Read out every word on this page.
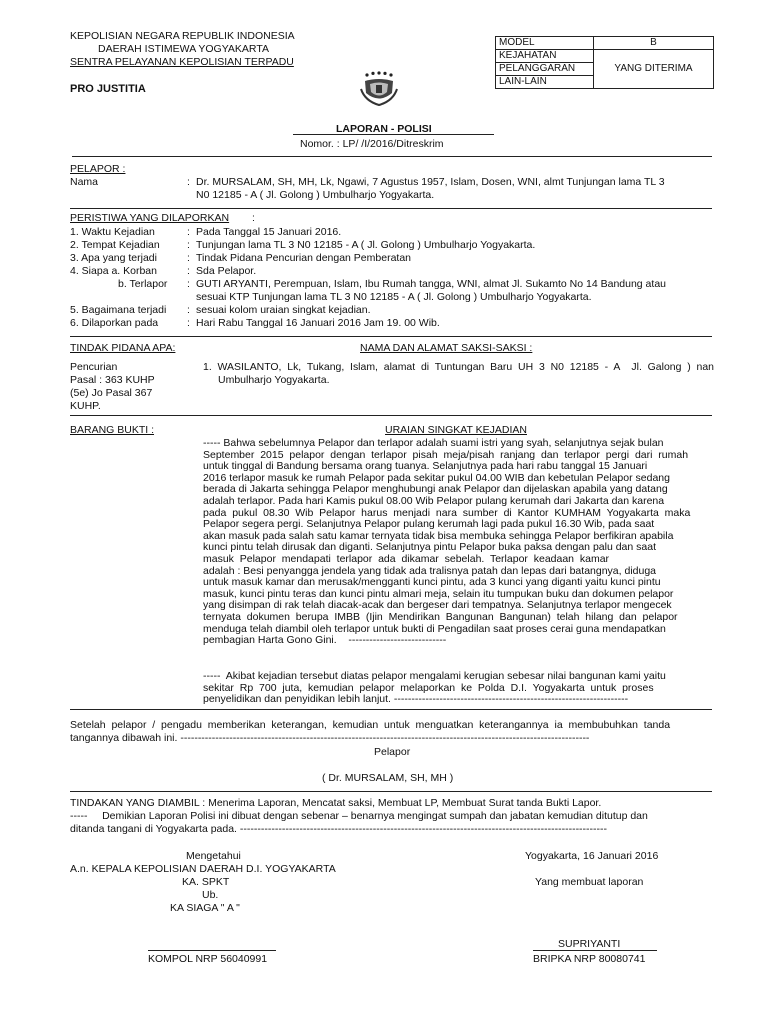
KEPOLISIAN NEGARA REPUBLIK INDONESIA
DAERAH ISTIMEWA YOGYAKARTA
SENTRA PELAYANAN KEPOLISIAN TERPADU
PRO JUSTITIA
MODEL	B
KEJAHATAN	YANG DITERIMA
PELANGGARAN	
LAIN-LAIN	
LAPORAN - POLISI
Nomor. : LP/ /I/2016/Ditreskrim
PELAPOR :
Nama	: Dr. MURSALAM, SH, MH, Lk, Ngawi, 7 Agustus 1957, Islam, Dosen, WNI, almt Tunjungan lama TL 3
N0 12185 - A ( Jl. Golong ) Umbulharjo Yogyakarta.
PERISTIWA YANG DILAPORKAN :
1. Waktu Kejadian	: Pada Tanggal 15 Januari 2016.
2. Tempat Kejadian	: Tunjungan lama TL 3 N0 12185 - A ( Jl. Golong ) Umbulharjo Yogyakarta.
3. Apa yang terjadi	: Tindak Pidana Pencurian dengan Pemberatan
4. Siapa a. Korban	: Sda Pelapor.
b. Terlapor : GUTI ARYANTI, Perempuan, Islam, Ibu Rumah tangga, WNI, almat Jl. Sukamto No 14 Bandung atau
sesuai KTP Tunjungan lama TL 3 N0 12185 - A ( Jl. Golong ) Umbulharjo Yogyakarta.
5. Bagaimana terjadi : sesuai kolom uraian singkat kejadian.
6. Dilaporkan pada	: Hari Rabu Tanggal 16 Januari 2016 Jam 19. 00 Wib.
TINDAK PIDANA APA:	NAMA DAN ALAMAT SAKSI-SAKSI :
Pencurian
Pasal : 363 KUHP
(5e) Jo Pasal 367
KUHP.
1.  WASILANTO,  Lk,  Tukang,  Islam,  alamat  di  Tuntungan  Baru  UH  3  N0  12185  -  A    Jl.  Galong  )  nan
Umbulharjo Yogyakarta.
BARANG BUKTI :	URAIAN SINGKAT KEJADIAN
----- Bahwa sebelumnya Pelapor dan terlapor adalah suami istri yang syah, selanjutnya sejak bulan
September  2015  pelapor  dengan  terlapor  pisah  meja/pisah  ranjang  dan  terlapor  pergi  dari  rumah
untuk tinggal di Bandung bersama orang tuanya. Selanjutnya pada hari rabu tanggal 15 Januari
2016 terlapor masuk ke rumah Pelapor pada sekitar pukul 04.00 WIB dan kebetulan Pelapor sedang
berada di Jakarta sehingga Pelapor menghubungi anak Pelapor dan dijelaskan apabila yang datang
adalah terlapor. Pada hari Kamis pukul 08.00 Wib Pelapor pulang kerumah dari Jakarta dan karena
pada  pukul  08.30  Wib  Pelapor  harus  menjadi  nara  sumber  di  Kantor  KUMHAM  Yogyakarta  maka
Pelapor segera pergi. Selanjutnya Pelapor pulang kerumah lagi pada pukul 16.30 Wib, pada saat
akan masuk pada salah satu kamar ternyata tidak bisa membuka sehingga Pelapor berfikiran apabila
kunci pintu telah dirusak dan diganti. Selanjutnya pintu Pelapor buka paksa dengan palu dan saat
masuk  Pelapor  mendapati  terlapor  ada  dikamar  sebelah.  Terlapor  keadaan  kamar
adalah : Besi penyangga jendela yang tidak ada tralisnya patah dan lepas dari batangnya, diduga
untuk masuk kamar dan merusak/mengganti kunci pintu, ada 3 kunci yang diganti yaitu kunci pintu
masuk, kunci pintu teras dan kunci pintu almari meja, selain itu tumpukan buku dan dokumen pelapor
yang disimpan di rak telah diacak-acak dan bergeser dari tempatnya. Selanjutnya terlapor mengecek
ternyata  dokumen  berupa  IMBB  (Ijin  Mendirikan  Bangunan  Bangunan)  telah  hilang  dan  pelapor
menduga telah diambil oleh terlapor untuk bukti di Pengadilan saat proses cerai guna mendapatkan
pembagian Harta Gono Gini.    ----------------------------
-----  Akibat kejadian tersebut diatas pelapor mengalami kerugian sebesar nilai bangunan kami yaitu
sekitar  Rp  700  juta,  kemudian  pelapor  melaporkan  ke  Polda  D.I.  Yogyakarta  untuk  proses
penyelidikan dan penyidikan lebih lanjut. -------------------------------------------------------------------
Setelah  pelapor  /  pengadu  memberikan  keterangan,  kemudian  untuk  menguatkan  keterangannya  ia  membubuhkan  tanda
tangannya dibawah ini. ---------------------------------------------------------------------------------------------------------------------
Pelapor
( Dr. MURSALAM, SH, MH )
TINDAKAN YANG DIAMBIL : Menerima Laporan, Mencatat saksi, Membuat LP, Membuat Surat tanda Bukti Lapor.
-----     Demikian Laporan Polisi ini dibuat dengan sebenar – benarnya mengingat sumpah dan jabatan kemudian ditutup dan
ditanda tangani di Yogyakarta pada. ---------------------------------------------------------------------------------------------------------
Mengetahui
A.n. KEPALA KEPOLISIAN DAERAH D.I. YOGYAKARTA
KA. SPKT
Ub.
KA SIAGA " A "
KOMPOL NRP 56040991
Yogyakarta, 16 Januari 2016
Yang membuat laporan
SUPRIYANTI
BRIPKA NRP 80080741
